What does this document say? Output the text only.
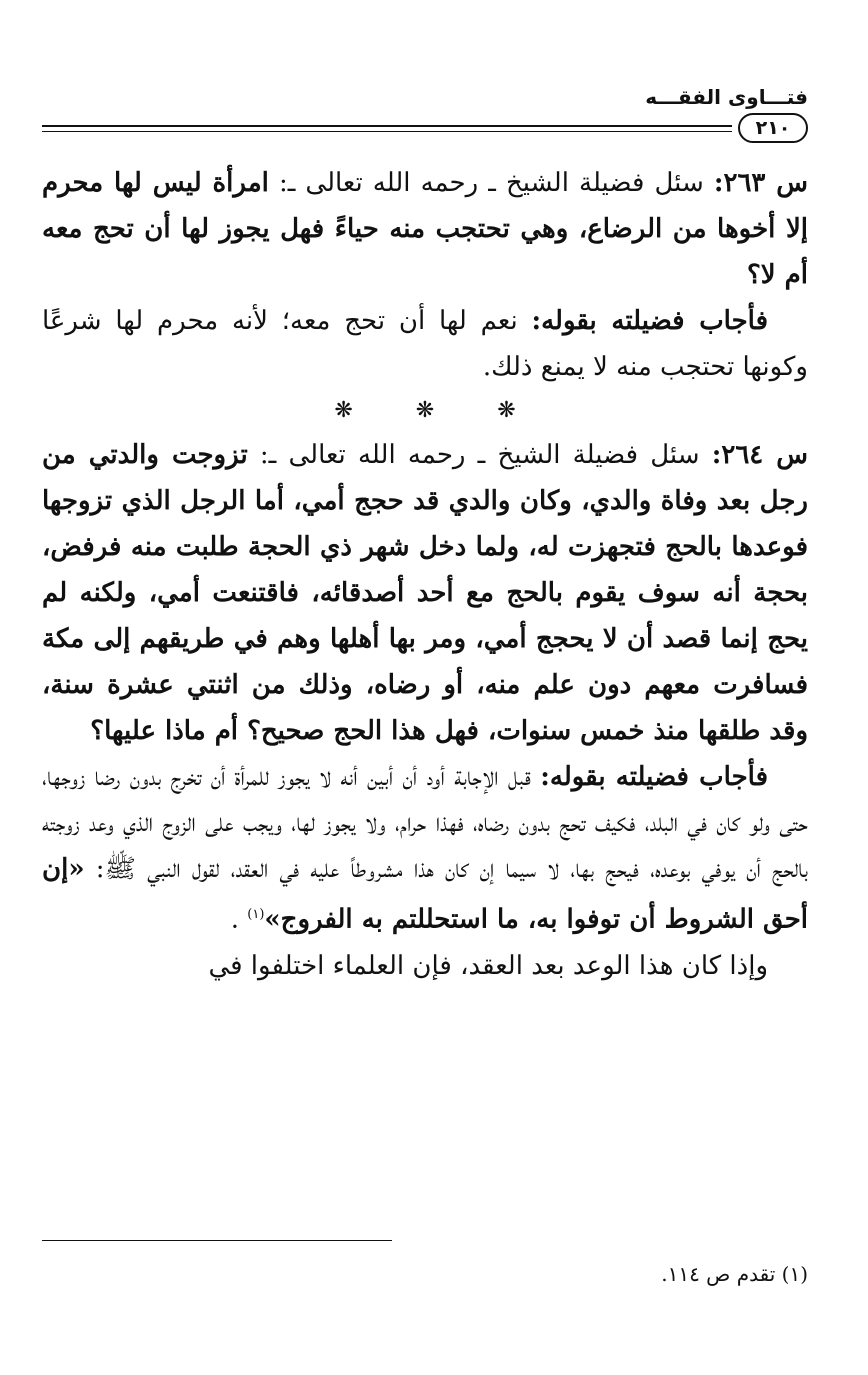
فتـــاوى الفقـــه
٢١٠

س ٢٦٣: سئل فضيلة الشيخ ـ رحمه الله تعالى ـ: امرأة ليس لها محرم إلا أخوها من الرضاع، وهي تحتجب منه حياءً فهل يجوز لها أن تحج معه أم لا؟

فأجاب فضيلته بقوله: نعم لها أن تحج معه؛ لأنه محرم لها شرعًا وكونها تحتجب منه لا يمنع ذلك.

❋ ❋ ❋

س ٢٦٤: سئل فضيلة الشيخ ـ رحمه الله تعالى ـ: تزوجت والدتي من رجل بعد وفاة والدي، وكان والدي قد حجج أمي، أما الرجل الذي تزوجها فوعدها بالحج فتجهزت له، ولما دخل شهر ذي الحجة طلبت منه فرفض، بحجة أنه سوف يقوم بالحج مع أحد أصدقائه، فاقتنعت أمي، ولكنه لم يحج إنما قصد أن لا يحجج أمي، ومر بها أهلها وهم في طريقهم إلى مكة فسافرت معهم دون علم منه، أو رضاه، وذلك من اثنتي عشرة سنة، وقد طلقها منذ خمس سنوات، فهل هذا الحج صحيح؟ أم ماذا عليها؟

فأجاب فضيلته بقوله: قبل الإجابة أود أن أبين أنه لا يجوز للمرأة أن تخرج بدون رضا زوجها، حتى ولو كان في البلد، فكيف تحج بدون رضاه، فهذا حرام، ولا يجوز لها، ويجب على الزوج الذي وعد زوجته بالحج أن يوفي بوعده، فيحج بها، لا سيما إن كان هذا مشروطاً عليه في العقد، لقول النبي ﷺ: «إن أحق الشروط أن توفوا به، ما استحللتم به الفروج»$^{(١)}$ .

وإذا كان هذا الوعد بعد العقد، فإن العلماء اختلفوا في

(١) تقدم ص ١١٤.
